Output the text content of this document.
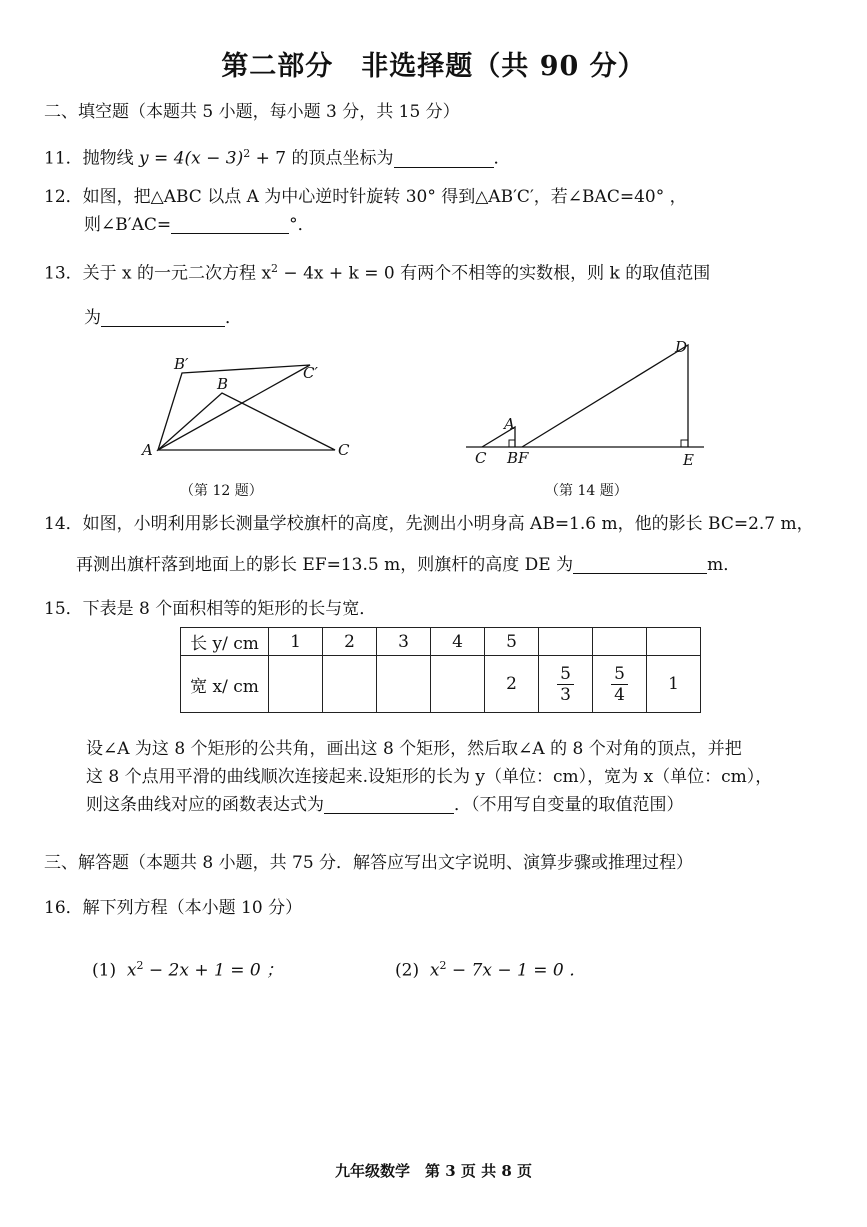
第二部分　非选择题（共 90 分）
二、填空题（本题共 5 小题，每小题 3 分，共 15 分）
11．抛物线 $y = 4(x - 3)^2 + 7$ 的顶点坐标为	．
12．如图，把△ABC 以点 A 为中心逆时针旋转 30° 得到△AB′C′，若∠BAC=40° ，
则∠B′AC=	°．
13．关于 x 的一元二次方程 $x^2 - 4x + k = 0$ 有两个不相等的实数根，则 k 的取值范围
为	．
B′
B
C′
A	C
（第 12 题）
D
A
C BF	E
（第 14 题）
14．如图，小明利用影长测量学校旗杆的高度，先测出小明身高 AB=1.6 m，他的影长 BC=2.7 m，
再测出旗杆落到地面上的影长 EF=13.5 m，则旗杆的高度 DE 为	m．
15．下表是 8 个面积相等的矩形的长与宽．
长 y/ cm	1	2	3	4	5			
宽 x/ cm					2	$\frac{5}{3}$	$\frac{5}{4}$	1
设∠A 为这 8 个矩形的公共角，画出这 8 个矩形，然后取∠A 的 8 个对角的顶点，并把
这 8 个点用平滑的曲线顺次连接起来.设矩形的长为 y（单位：cm），宽为 x（单位：cm），
则这条曲线对应的函数表达式为	．（不用写自变量的取值范围）
三、解答题（本题共 8 小题，共 75 分．解答应写出文字说明、演算步骤或推理过程）
16．解下列方程（本小题 10 分）
(1) $x^2 - 2x + 1 = 0$ ；	(2) $x^2 - 7x - 1 = 0$ ．
九年级数学　第 3 页 共 8 页
